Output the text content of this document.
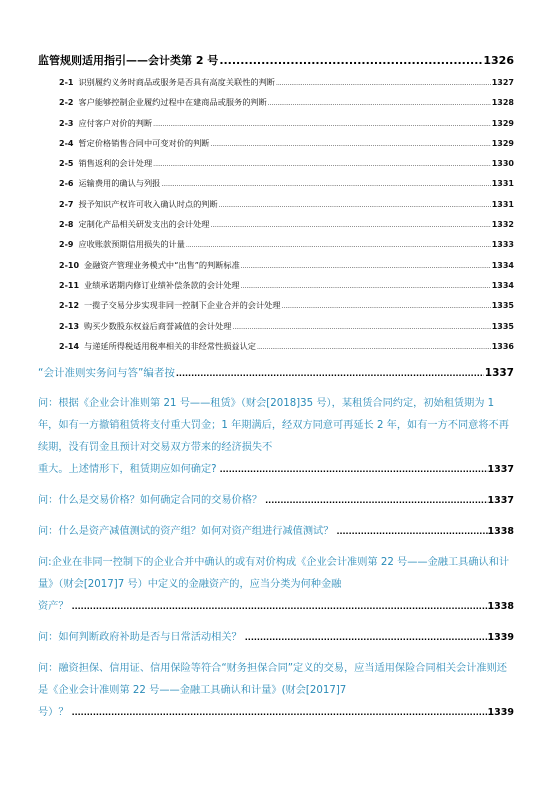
监管规则适用指引——会计类第 2 号 .....	1326
2-1 识别履约义务时商品或服务是否具有高度关联性的判断 .....	1327
2-2 客户能够控制企业履约过程中在建商品或服务的判断 .....	1328
2-3 应付客户对价的判断 .....	1329
2-4 暂定价格销售合同中可变对价的判断 .....	1329
2-5 销售返利的会计处理 .....	1330
2-6 运输费用的确认与列报 .....	1331
2-7 授予知识产权许可收入确认时点的判断 .....	1331
2-8 定制化产品相关研发支出的会计处理 .....	1332
2-9 应收账款预期信用损失的计量 .....	1333
2-10 金融资产管理业务模式中“出售”的判断标准 .....	1334
2-11 业绩承诺期内修订业绩补偿条款的会计处理 .....	1334
2-12 一揽子交易分步实现非同一控制下企业合并的会计处理 .....	1335
2-13 购买少数股东权益后商誉减值的会计处理 .....	1335
2-14 与递延所得税适用税率相关的非经常性损益认定 .....	1336
“会计准则实务问与答”编者按 .....	1337
问：根据《企业会计准则第 21 号——租赁》（财会[2018]35 号），某租赁合同约定，初始租赁期为 1 年，如有一方撤销租赁将支付重大罚金；1 年期满后，经双方同意可再延长 2 年，如有一方不同意将不再续期，没有罚金且预计对交易双方带来的经济损失不
重大。上述情形下，租赁期应如何确定? .....	1337
问：什么是交易价格？如何确定合同的交易价格？ .....	1337
问：什么是资产减值测试的资产组？如何对资产组进行减值测试？ .....	1338
问:企业在非同一控制下的企业合并中确认的或有对价构成《企业会计准则第 22 号——金融工具确认和计量》（财会[2017]7 号）中定义的金融资产的，应当分类为何种金融
资产？ .....	1338
问：如何判断政府补助是否与日常活动相关？ .....	1339
问：融资担保、信用证、信用保险等符合“财务担保合同”定义的交易，应当适用保险合同相关会计准则还是《企业会计准则第 22 号——金融工具确认和计量》(财会[2017]7
号）？ .....	1339
